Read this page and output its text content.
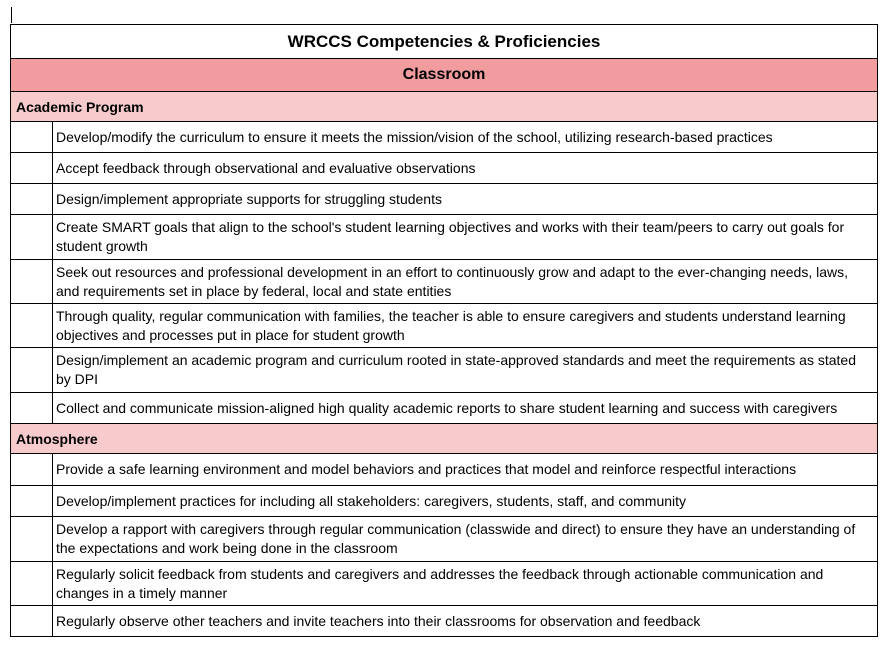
WRCCS Competencies & Proficiencies	
Classroom	
Academic Program	
	Develop/modify the curriculum to ensure it meets the mission/vision of the school, utilizing research-based practices
	Accept feedback through observational and evaluative observations
	Design/implement appropriate supports for struggling students
	Create SMART goals that align to the school's student learning objectives and works with their team/peers to carry out goals for student growth
	Seek out resources and professional development in an effort to continuously grow and adapt to the ever-changing needs, laws, and requirements set in place by federal, local and state entities
	Through quality, regular communication with families, the teacher is able to ensure caregivers and students understand learning objectives and processes put in place for student growth
	Design/implement an academic program and curriculum rooted in state-approved standards and meet the requirements as stated by DPI
	Collect and communicate mission-aligned high quality academic reports to share student learning and success with caregivers
Atmosphere	
	Provide a safe learning environment and model behaviors and practices that model and reinforce respectful interactions
	Develop/implement practices for including all stakeholders: caregivers, students, staff, and community
	Develop a rapport with caregivers through regular communication (classwide and direct) to ensure they have an understanding of the expectations and work being done in the classroom
	Regularly solicit feedback from students and caregivers and addresses the feedback through actionable communication and changes in a timely manner
	Regularly observe other teachers and invite teachers into their classrooms for observation and feedback
